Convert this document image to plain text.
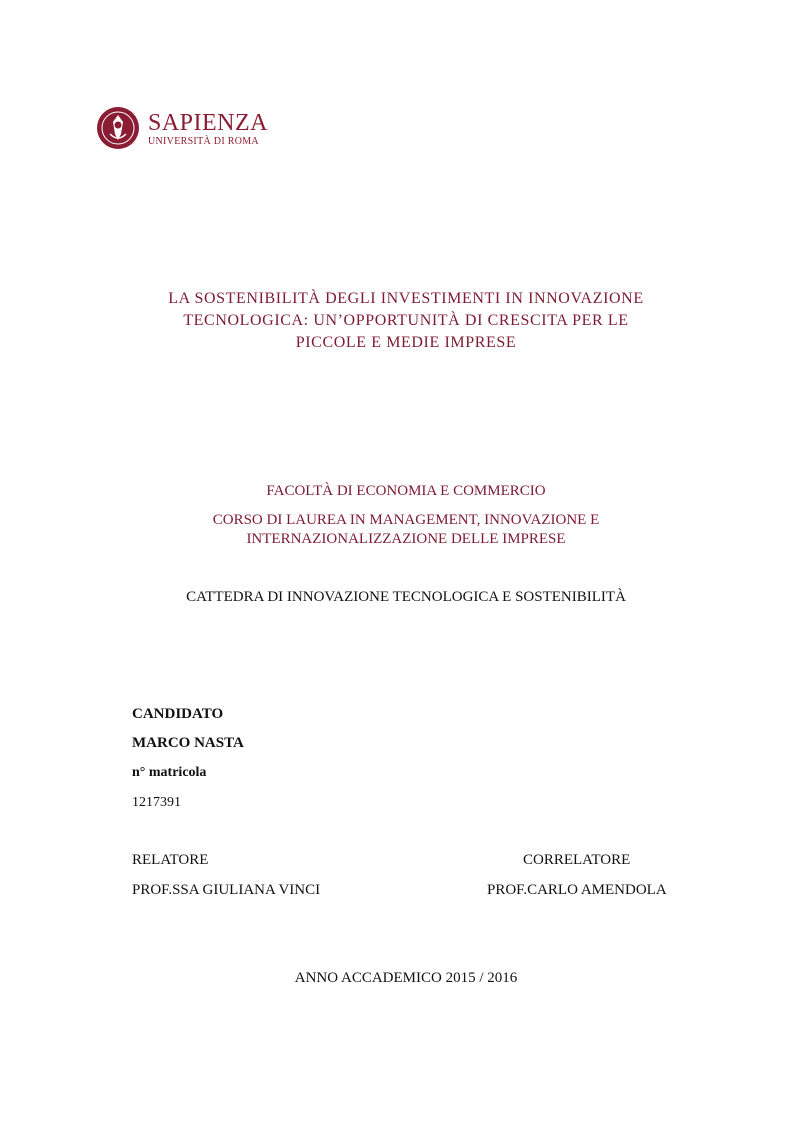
SAPIENZA
UNIVERSITÀ DI ROMA
LA SOSTENIBILITÀ DEGLI INVESTIMENTI IN INNOVAZIONE
TECNOLOGICA: UN’OPPORTUNITÀ DI CRESCITA PER LE
PICCOLE E MEDIE IMPRESE
FACOLTÀ DI ECONOMIA E COMMERCIO
CORSO DI LAUREA IN MANAGEMENT, INNOVAZIONE E
INTERNAZIONALIZZAZIONE DELLE IMPRESE
CATTEDRA DI INNOVAZIONE TECNOLOGICA E SOSTENIBILITÀ
CANDIDATO
MARCO NASTA
n° matricola
1217391
RELATORE
PROF.SSA GIULIANA VINCI
CORRELATORE
PROF.CARLO AMENDOLA
ANNO ACCADEMICO 2015 / 2016
